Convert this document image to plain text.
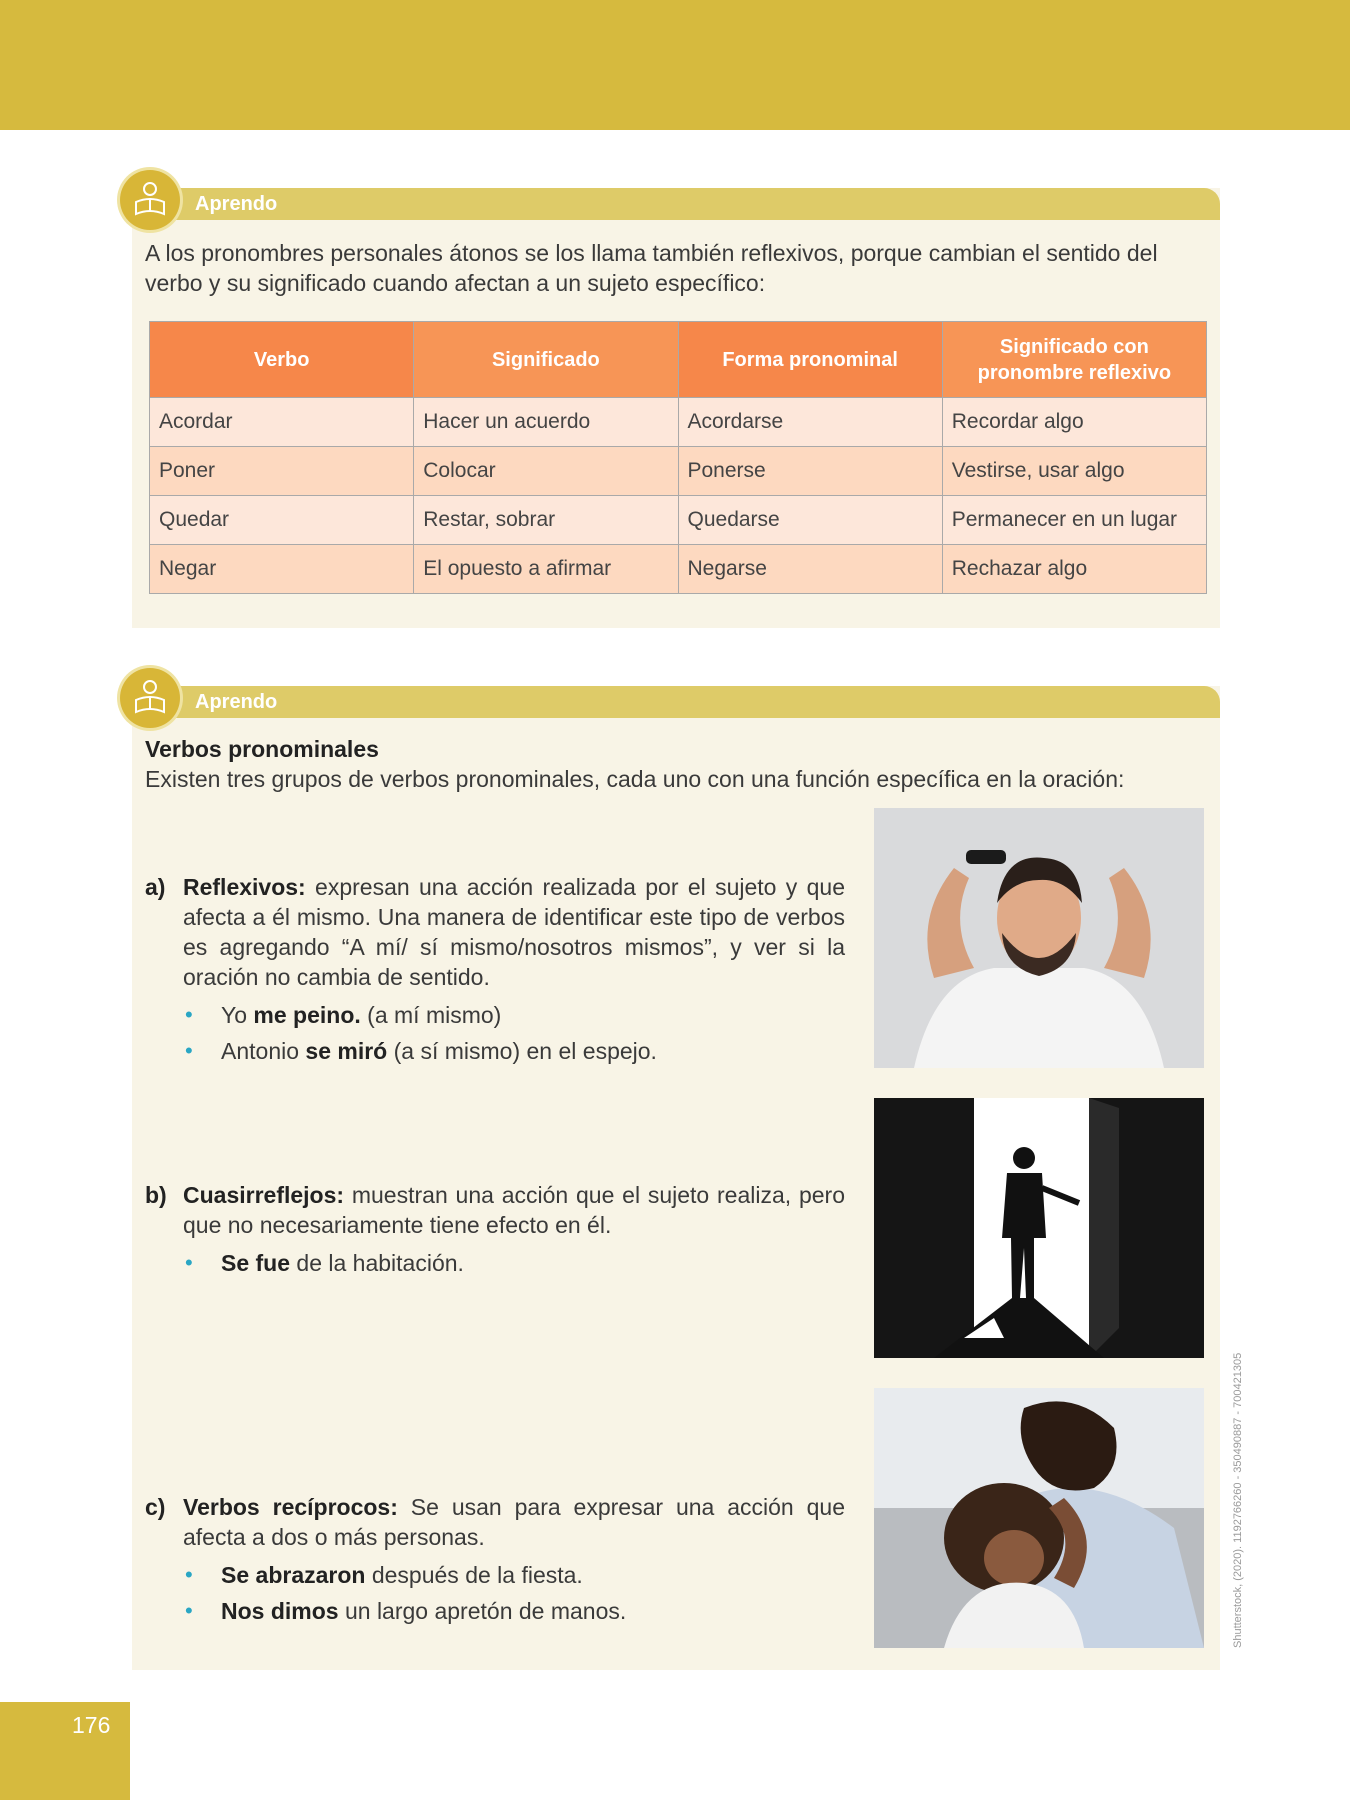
Aprendo

A los pronombres personales átonos se los llama también reflexivos, porque cambian el sentido del verbo y su significado cuando afectan a un sujeto específico:

Verbo	Significado	Forma pronominal	Significado con pronombre reflexivo
Acordar	Hacer un acuerdo	Acordarse	Recordar algo
Poner	Colocar	Ponerse	Vestirse, usar algo
Quedar	Restar, sobrar	Quedarse	Permanecer en un lugar
Negar	El opuesto a afirmar	Negarse	Rechazar algo
Aprendo
Verbos pronominales

Existen tres grupos de verbos pronominales, cada uno con una función específica en la oración:

a) Reflexivos: expresan una acción realizada por el sujeto y que afecta a él mismo. Una manera de identificar este tipo de verbos es agregando “A mí/ sí mismo/nosotros mismos”, y ver si la oración no cambia de sentido.

• Yo me peino. (a mí mismo)
• Antonio se miró (a sí mismo) en el espejo.
b) Cuasirreflejos: muestran una acción que el sujeto realiza, pero que no necesariamente tiene efecto en él.

• Se fue de la habitación.
c) Verbos recíprocos: Se usan para expresar una acción que afecta a dos o más personas.

• Se abrazaron después de la fiesta.
• Nos dimos un largo apretón de manos.	Shutterstock, (2020). 1192766260 - 350490887 - 700421305
176
